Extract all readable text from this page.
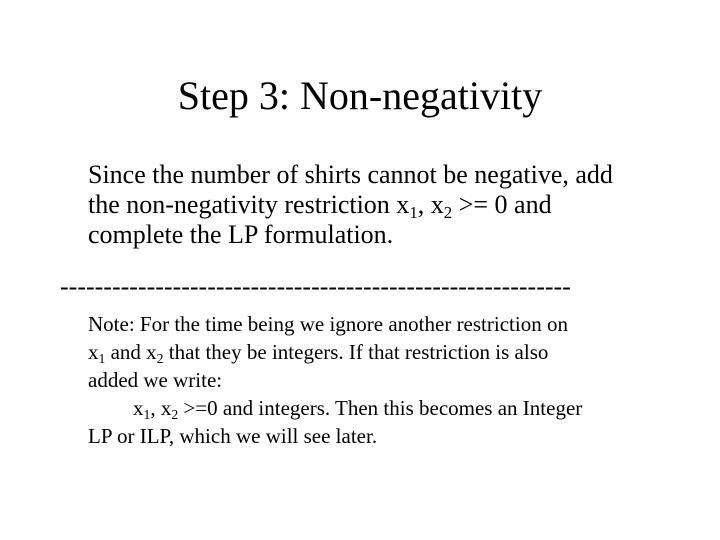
Step 3: Non-negativity
Since the number of shirts cannot be negative, add
the non-negativity restriction $x_1$, $x_2 >= 0$ and
complete the LP formulation.
-----------------------------------------------------------
Note: For the time being we ignore another restriction on
$x_1$ and $x_2$ that they be integers. If that restriction is also
added we write:
$x_1$, $x_2 >=0$ and integers. Then this becomes an Integer
LP or ILP, which we will see later.
